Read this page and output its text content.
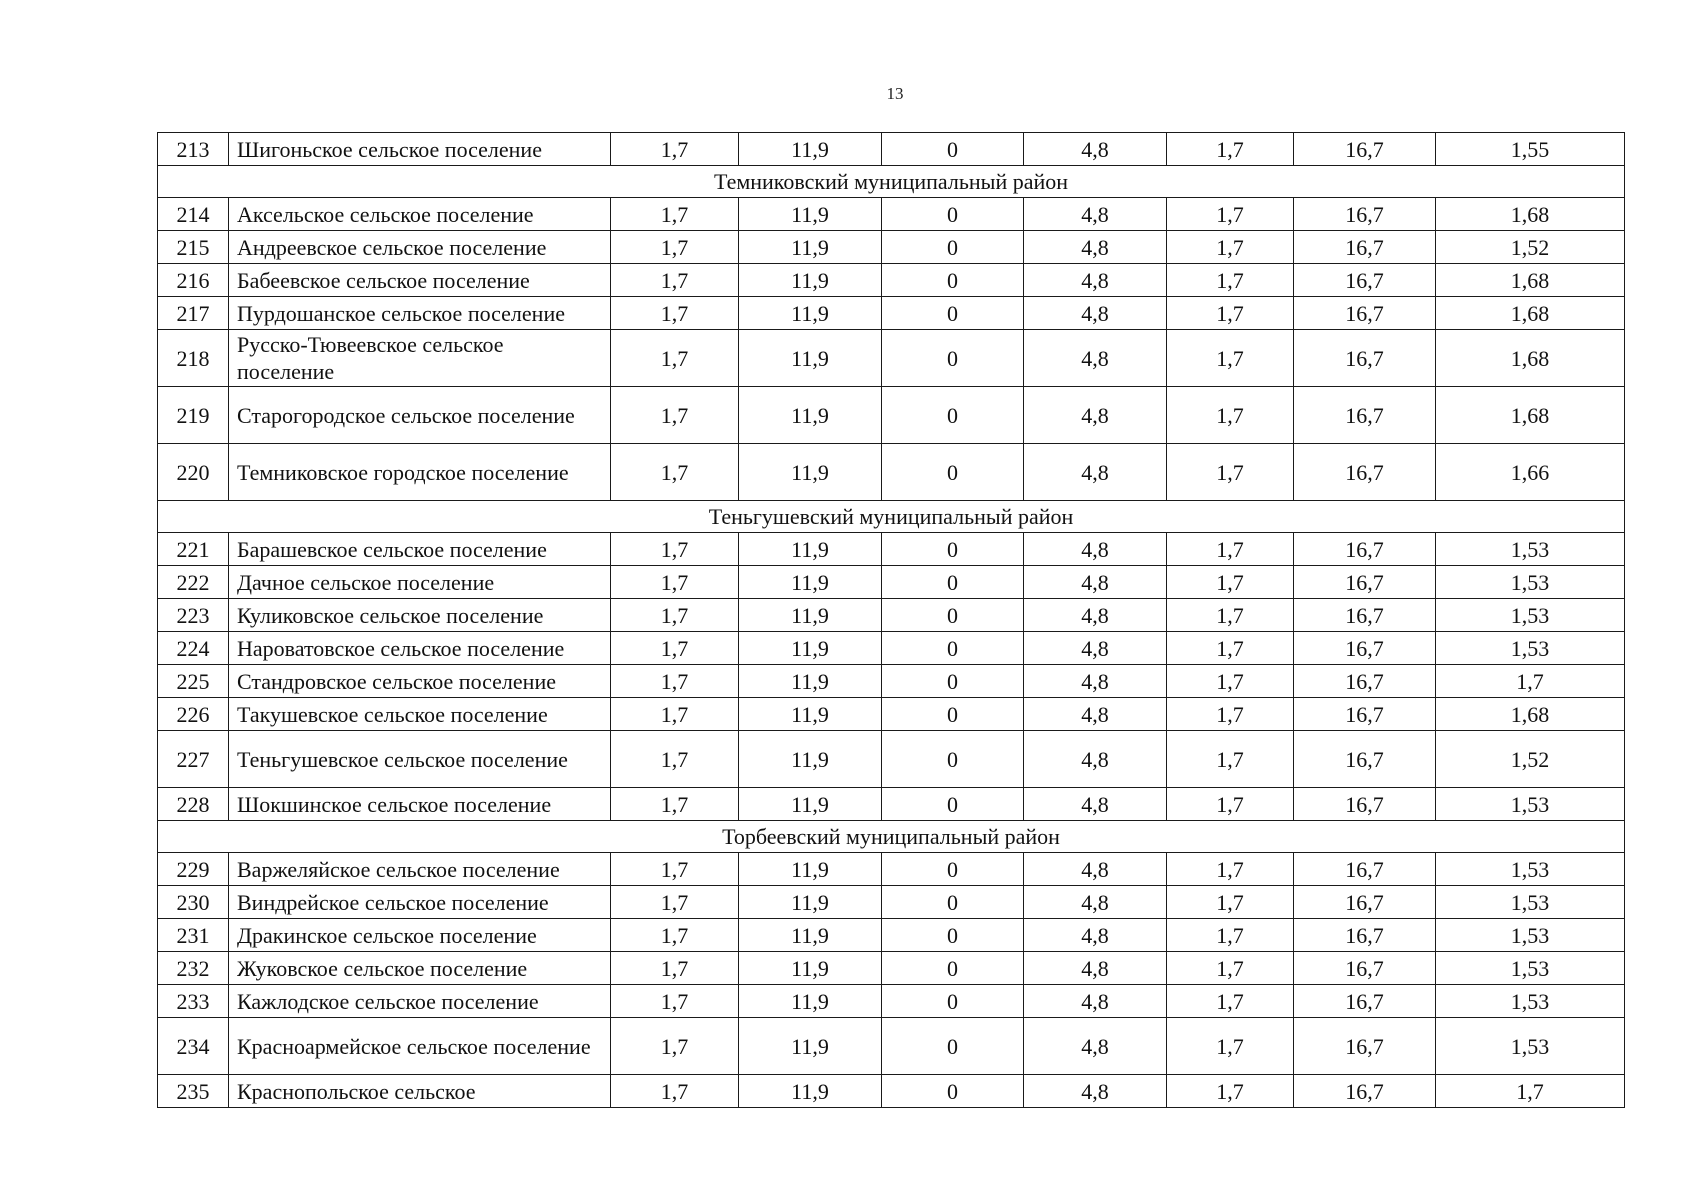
13
213	Шигоньское сельское поселение	1,7	11,9	0	4,8	1,7	16,7	1,55
Темниковский муниципальный район								
214	Аксельское сельское поселение	1,7	11,9	0	4,8	1,7	16,7	1,68
215	Андреевское сельское поселение	1,7	11,9	0	4,8	1,7	16,7	1,52
216	Бабеевское сельское поселение	1,7	11,9	0	4,8	1,7	16,7	1,68
217	Пурдошанское сельское поселение	1,7	11,9	0	4,8	1,7	16,7	1,68
218	Русско-Тювеевское сельское поселение	1,7	11,9	0	4,8	1,7	16,7	1,68
219	Старогородское сельское поселение	1,7	11,9	0	4,8	1,7	16,7	1,68
220	Темниковское городское поселение	1,7	11,9	0	4,8	1,7	16,7	1,66
Теньгушевский муниципальный район								
221	Барашевское сельское поселение	1,7	11,9	0	4,8	1,7	16,7	1,53
222	Дачное сельское поселение	1,7	11,9	0	4,8	1,7	16,7	1,53
223	Куликовское сельское поселение	1,7	11,9	0	4,8	1,7	16,7	1,53
224	Нароватовское сельское поселение	1,7	11,9	0	4,8	1,7	16,7	1,53
225	Стандровское сельское поселение	1,7	11,9	0	4,8	1,7	16,7	1,7
226	Такушевское сельское поселение	1,7	11,9	0	4,8	1,7	16,7	1,68
227	Теньгушевское сельское поселение	1,7	11,9	0	4,8	1,7	16,7	1,52
228	Шокшинское сельское поселение	1,7	11,9	0	4,8	1,7	16,7	1,53
Торбеевский муниципальный район								
229	Варжеляйское сельское поселение	1,7	11,9	0	4,8	1,7	16,7	1,53
230	Виндрейское сельское поселение	1,7	11,9	0	4,8	1,7	16,7	1,53
231	Дракинское сельское поселение	1,7	11,9	0	4,8	1,7	16,7	1,53
232	Жуковское сельское поселение	1,7	11,9	0	4,8	1,7	16,7	1,53
233	Кажлодское сельское поселение	1,7	11,9	0	4,8	1,7	16,7	1,53
234	Красноармейское сельское поселение	1,7	11,9	0	4,8	1,7	16,7	1,53
235	Краснопольское сельское	1,7	11,9	0	4,8	1,7	16,7	1,7
